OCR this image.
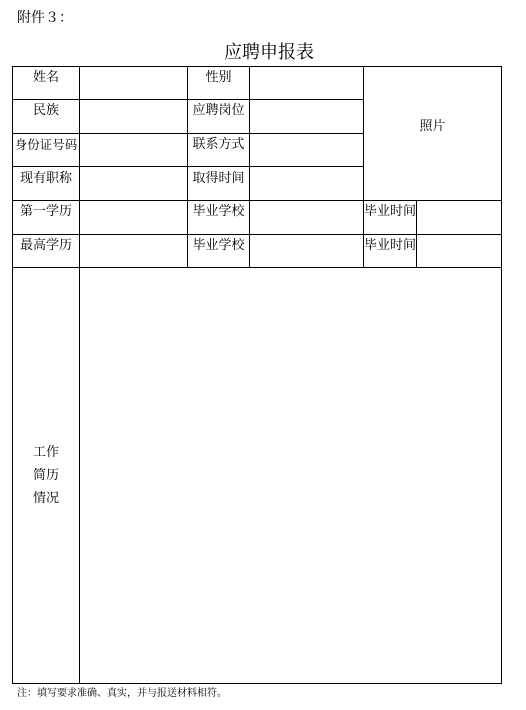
附件３：
应聘申报表
姓名	性别
照片
民族	应聘岗位
身份证号码	联系方式
现有职称	取得时间
第一学历	毕业学校	毕业时间
最高学历	毕业学校	毕业时间
工作
简历
情况
注：填写要求准确、真实，并与报送材料相符。
